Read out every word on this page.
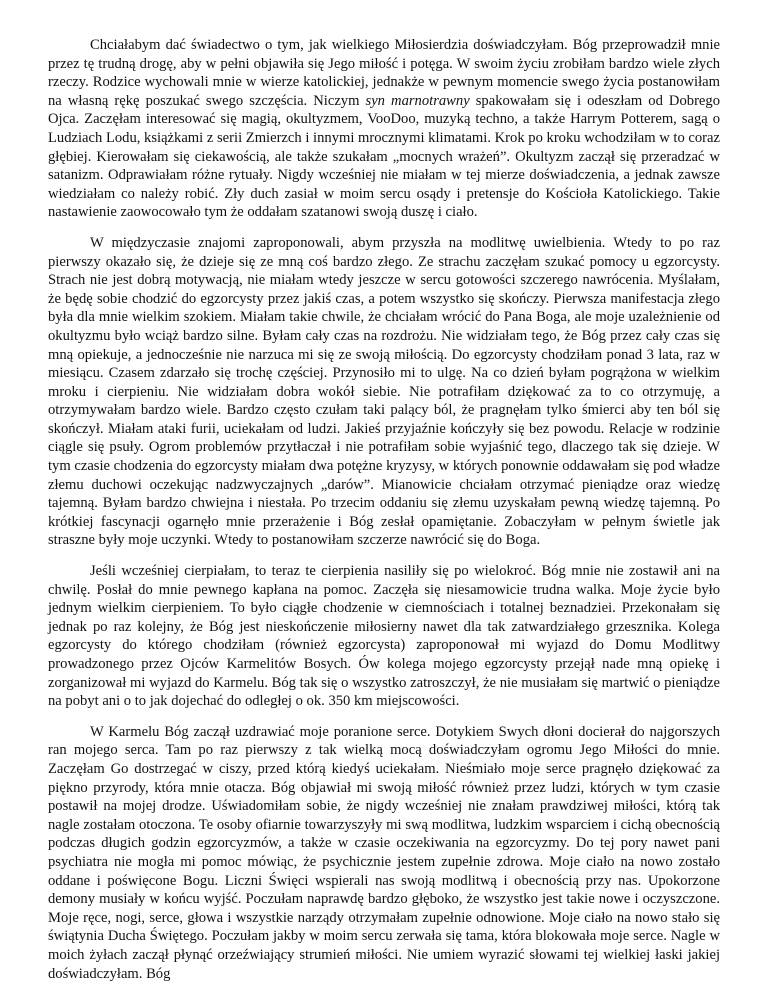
Chciałabym dać świadectwo o tym, jak wielkiego Miłosierdzia doświadczyłam. Bóg przeprowadził mnie przez tę trudną drogę, aby w pełni objawiła się Jego miłość i potęga. W swoim życiu zrobiłam bardzo wiele złych rzeczy. Rodzice wychowali mnie w wierze katolickiej, jednakże w pewnym momencie swego życia postanowiłam na własną rękę poszukać swego szczęścia. Niczym syn marnotrawny spakowałam się i odeszłam od Dobrego Ojca. Zaczęłam interesować się magią, okultyzmem, VooDoo, muzyką techno, a także Harrym Potterem, sagą o Ludziach Lodu, książkami z serii Zmierzch i innymi mrocznymi klimatami. Krok po kroku wchodziłam w to coraz głębiej. Kierowałam się ciekawością, ale także szukałam „mocnych wrażeń”. Okultyzm zaczął się przeradzać w satanizm. Odprawiałam różne rytuały. Nigdy wcześniej nie miałam w tej mierze doświadczenia, a jednak zawsze wiedziałam co należy robić. Zły duch zasiał w moim sercu osądy i pretensje do Kościoła Katolickiego. Takie nastawienie zaowocowało tym że oddałam szatanowi swoją duszę i ciało.

W międzyczasie znajomi zaproponowali, abym przyszła na modlitwę uwielbienia. Wtedy to po raz pierwszy okazało się, że dzieje się ze mną coś bardzo złego. Ze strachu zaczęłam szukać pomocy u egzorcysty. Strach nie jest dobrą motywacją, nie miałam wtedy jeszcze w sercu gotowości szczerego nawrócenia. Myślałam, że będę sobie chodzić do egzorcysty przez jakiś czas, a potem wszystko się skończy. Pierwsza manifestacja złego była dla mnie wielkim szokiem. Miałam takie chwile, że chciałam wrócić do Pana Boga, ale moje uzależnienie od okultyzmu było wciąż bardzo silne. Byłam cały czas na rozdrożu. Nie widziałam tego, że Bóg przez cały czas się mną opiekuje, a jednocześnie nie narzuca mi się ze swoją miłością. Do egzorcysty chodziłam ponad 3 lata, raz w miesiącu. Czasem zdarzało się trochę częściej. Przynosiło mi to ulgę. Na co dzień byłam pogrążona w wielkim mroku i cierpieniu. Nie widziałam dobra wokół siebie. Nie potrafiłam dziękować za to co otrzymuję, a otrzymywałam bardzo wiele. Bardzo często czułam taki palący ból, że pragnęłam tylko śmierci aby ten ból się skończył. Miałam ataki furii, uciekałam od ludzi. Jakieś przyjaźnie kończyły się bez powodu. Relacje w rodzinie ciągle się psuły. Ogrom problemów przytłaczał i nie potrafiłam sobie wyjaśnić tego, dlaczego tak się dzieje. W tym czasie chodzenia do egzorcysty miałam dwa potężne kryzysy, w których ponownie oddawałam się pod władze złemu duchowi oczekując nadzwyczajnych „darów”. Mianowicie chciałam otrzymać pieniądze oraz wiedzę tajemną. Byłam bardzo chwiejna i niestała. Po trzecim oddaniu się złemu uzyskałam pewną wiedzę tajemną. Po krótkiej fascynacji ogarnęło mnie przerażenie i Bóg zesłał opamiętanie. Zobaczyłam w pełnym świetle jak straszne były moje uczynki. Wtedy to postanowiłam szczerze nawrócić się do Boga.

Jeśli wcześniej cierpiałam, to teraz te cierpienia nasiliły się po wielokroć. Bóg mnie nie zostawił ani na chwilę. Posłał do mnie pewnego kapłana na pomoc. Zaczęła się niesamowicie trudna walka. Moje życie było jednym wielkim cierpieniem. To było ciągłe chodzenie w ciemnościach i totalnej beznadziei. Przekonałam się jednak po raz kolejny, że Bóg jest nieskończenie miłosierny nawet dla tak zatwardziałego grzesznika. Kolega egzorcysty do którego chodziłam (również egzorcysta) zaproponował mi wyjazd do Domu Modlitwy prowadzonego przez Ojców Karmelitów Bosych. Ów kolega mojego egzorcysty przejął nade mną opiekę i zorganizował mi wyjazd do Karmelu. Bóg tak się o wszystko zatroszczył, że nie musiałam się martwić o pieniądze na pobyt ani o to jak dojechać do odległej o ok. 350 km miejscowości.

W Karmelu Bóg zaczął uzdrawiać moje poranione serce. Dotykiem Swych dłoni docierał do najgorszych ran mojego serca. Tam po raz pierwszy z tak wielką mocą doświadczyłam ogromu Jego Miłości do mnie. Zaczęłam Go dostrzegać w ciszy, przed którą kiedyś uciekałam. Nieśmiało moje serce pragnęło dziękować za piękno przyrody, która mnie otacza. Bóg objawiał mi swoją miłość również przez ludzi, których w tym czasie postawił na mojej drodze. Uświadomiłam sobie, że nigdy wcześniej nie znałam prawdziwej miłości, którą tak nagle zostałam otoczona. Te osoby ofiarnie towarzyszyły mi swą modlitwa, ludzkim wsparciem i cichą obecnością podczas długich godzin egzorcyzmów, a także w czasie oczekiwania na egzorcyzmy. Do tej pory nawet pani psychiatra nie mogła mi pomoc mówiąc, że psychicznie jestem zupełnie zdrowa. Moje ciało na nowo zostało oddane i poświęcone Bogu. Liczni Święci wspierali nas swoją modlitwą i obecnością przy nas. Upokorzone demony musiały w końcu wyjść. Poczułam naprawdę bardzo głęboko, że wszystko jest takie nowe i oczyszczone. Moje ręce, nogi, serce, głowa i wszystkie narządy otrzymałam zupełnie odnowione. Moje ciało na nowo stało się świątynia Ducha Świętego. Poczułam jakby w moim sercu zerwała się tama, która blokowała moje serce. Nagle w moich żyłach zaczął płynąć orzeźwiający strumień miłości. Nie umiem wyrazić słowami tej wielkiej łaski jakiej doświadczyłam. Bóg
